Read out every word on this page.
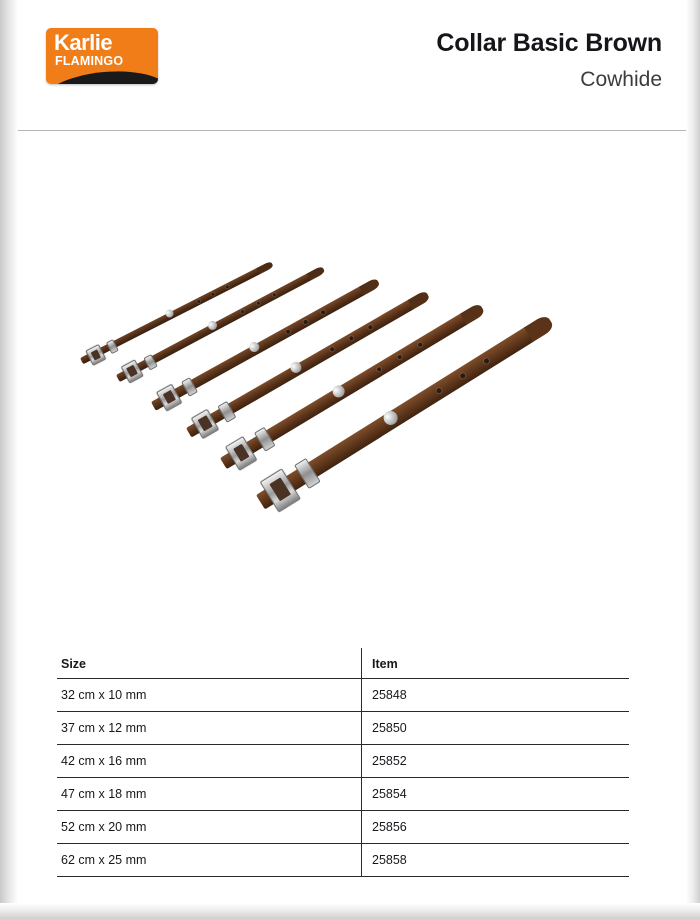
Karlie
FLAMINGO
Collar Basic Brown
Cowhide
Size	Item
32 cm x 10 mm	25848
37 cm x 12 mm	25850
42 cm x 16 mm	25852
47 cm x 18 mm	25854
52 cm x 20 mm	25856
62 cm x 25 mm	25858
